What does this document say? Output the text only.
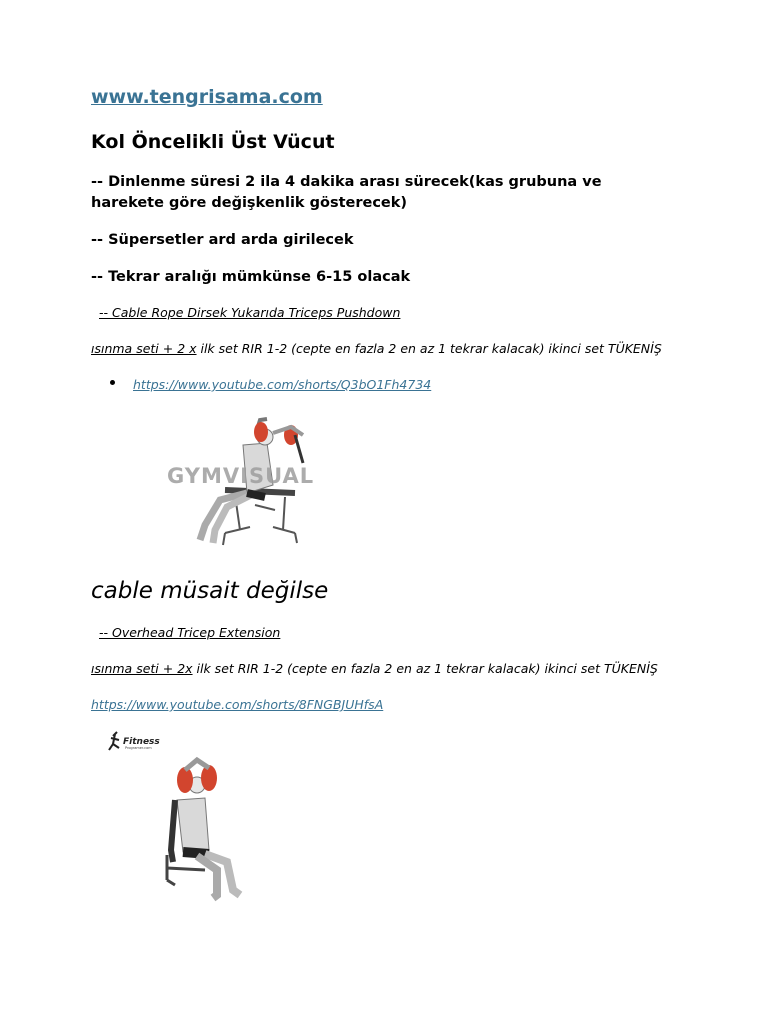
www.tengrisama.com
Kol Öncelikli Üst Vücut
-- Dinlenme süresi 2 ila 4 dakika arası sürecek(kas grubuna ve harekete göre değişkenlik gösterecek)
-- Süpersetler ard arda girilecek
-- Tekrar aralığı mümkünse 6-15 olacak
-- Cable Rope Dirsek Yukarıda Triceps Pushdown
ısınma seti + 2 x ilk set RIR 1-2 (cepte en fazla 2 en az 1 tekrar kalacak) ikinci set TÜKENİŞ
https://www.youtube.com/shorts/Q3bO1Fh4734
GYMVISUAL
cable müsait değilse
-- Overhead Tricep Extension
ısınma seti + 2x ilk set RIR 1-2 (cepte en fazla 2 en az 1 tekrar kalacak) ikinci set TÜKENİŞ
https://www.youtube.com/shorts/8FNGBJUHfsA
Fitness
Programer.com
